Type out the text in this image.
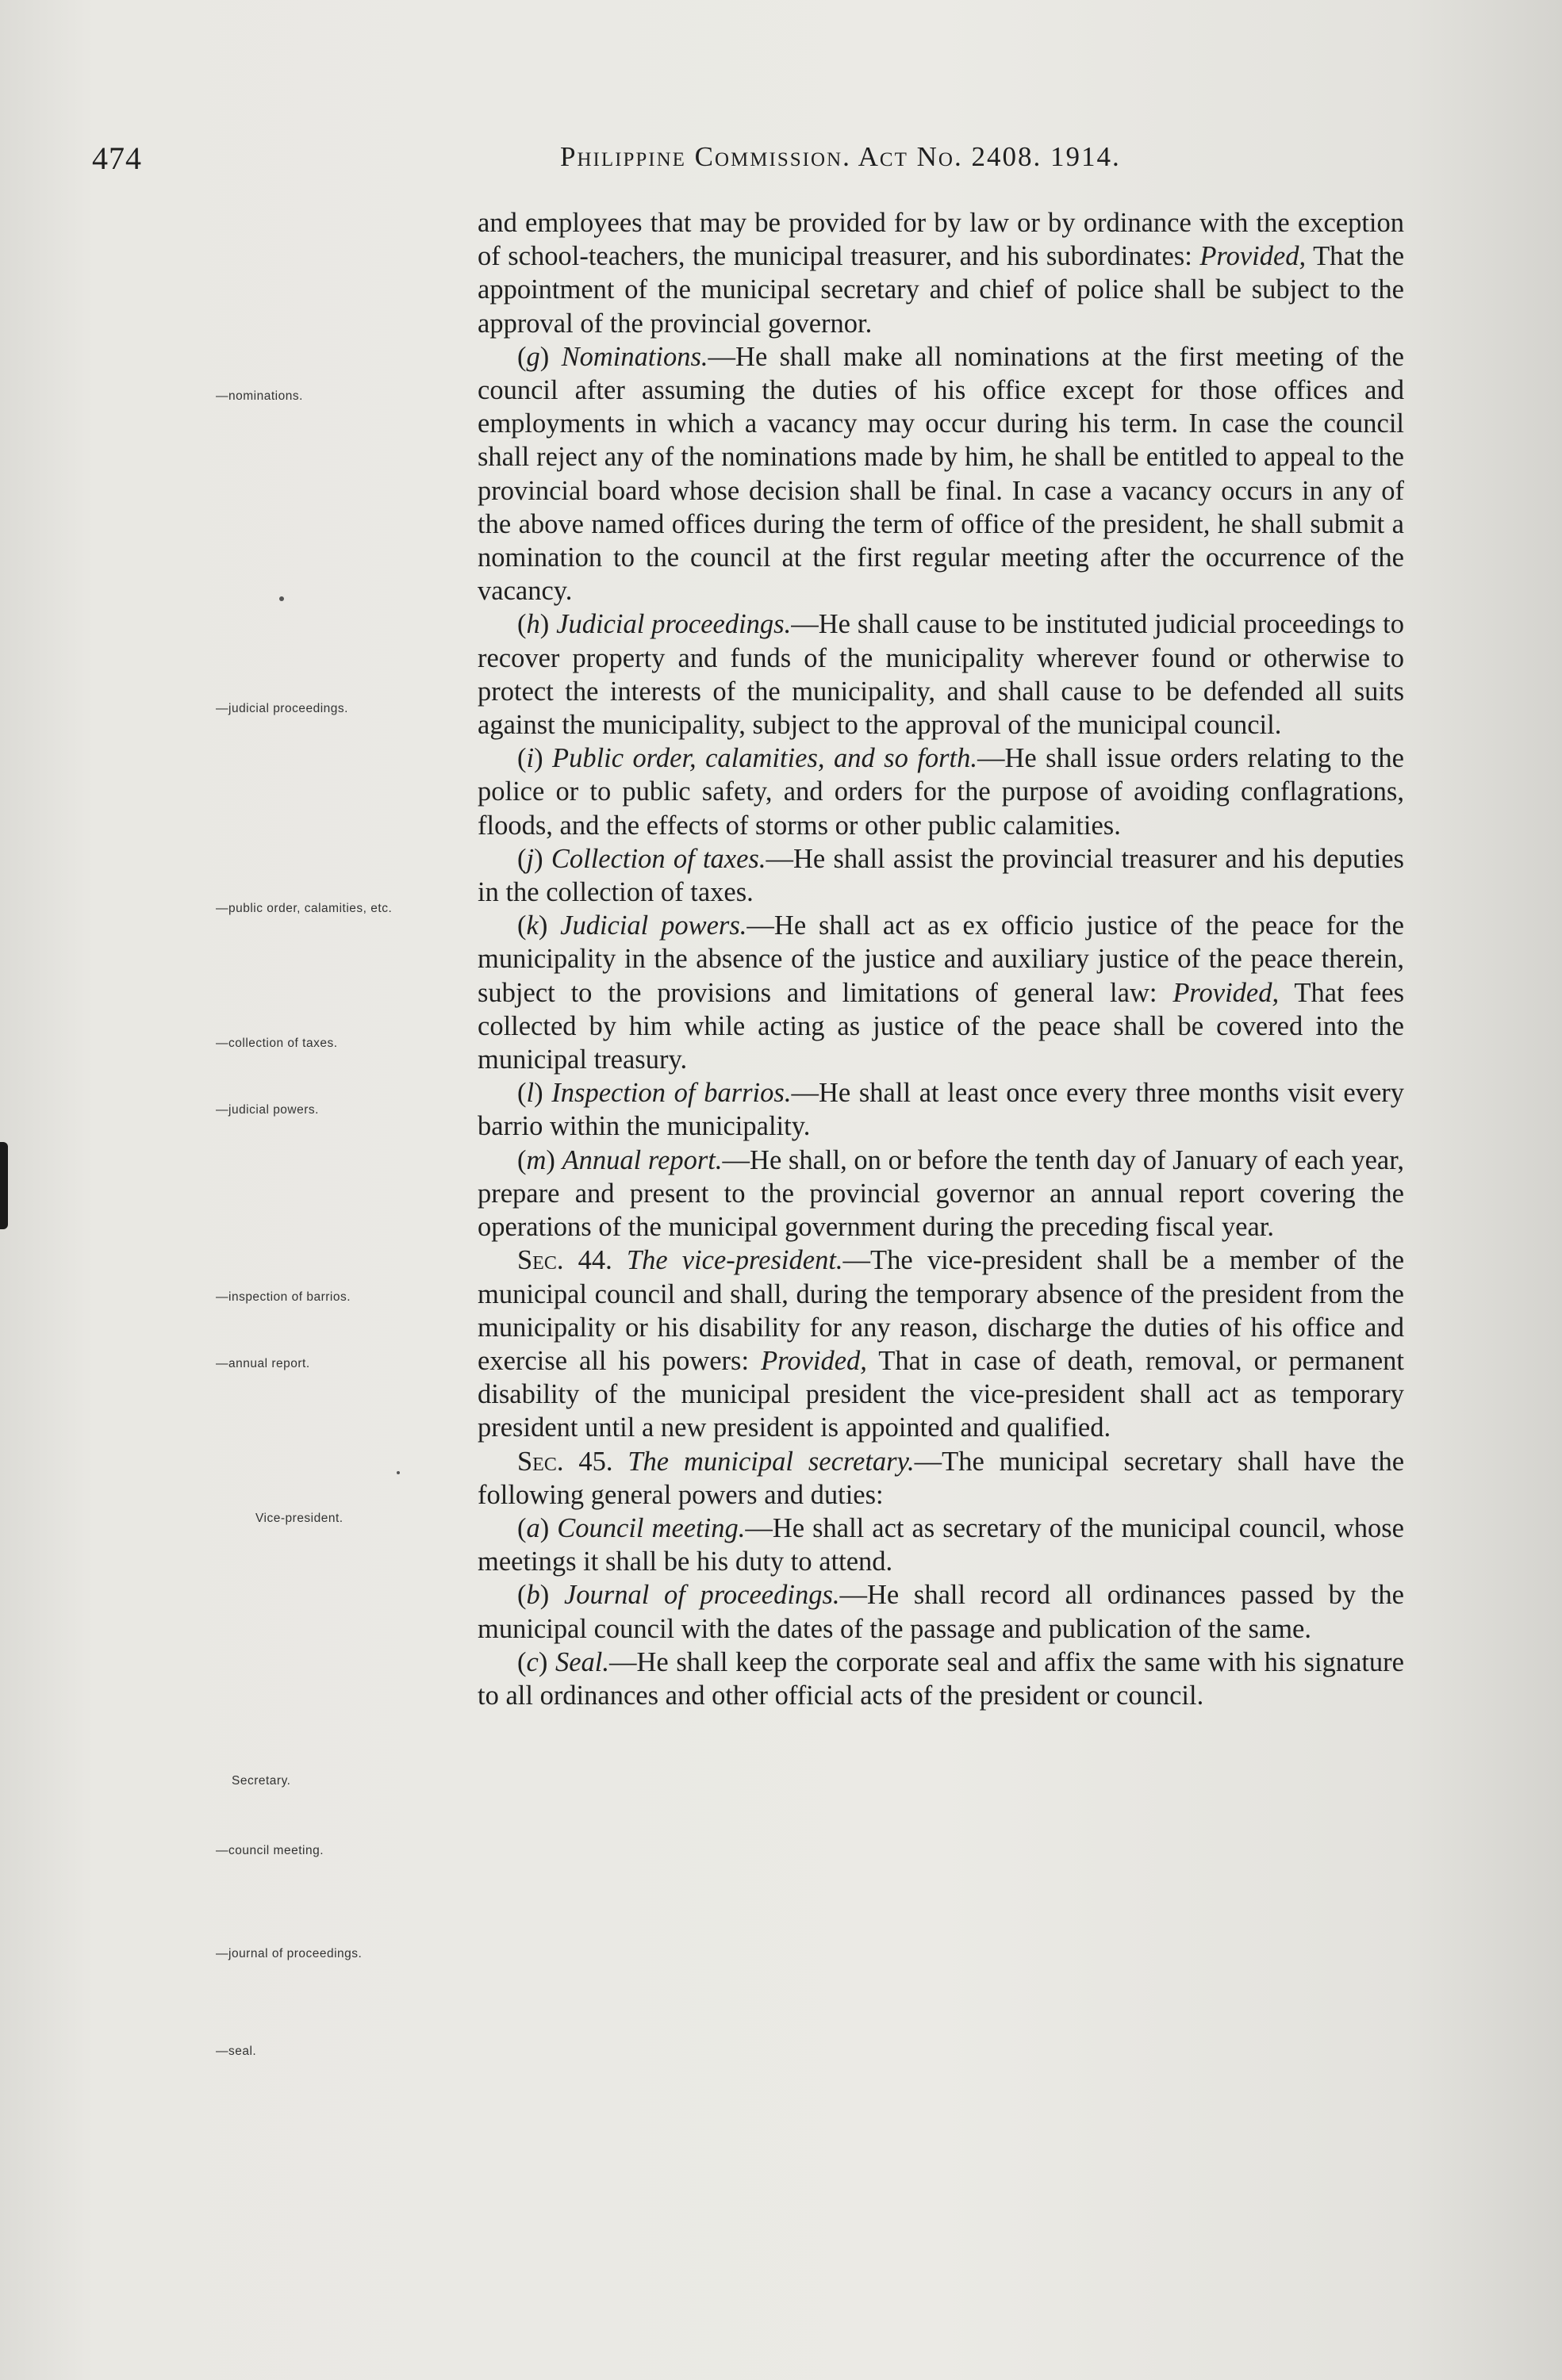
474	Philippine Commission. Act No. 2408. 1914.
—nominations.
—judicial proceedings.
—public order, calamities, etc.
—collection of taxes.
—judicial powers.
—inspection of barrios.
—annual report.
Vice-president.
Secretary.
—council meeting.
—journal of proceedings.
—seal.

and employees that may be provided for by law or by ordinance with the exception of school-teachers, the municipal treasurer, and his subordinates: Provided, That the appointment of the municipal secretary and chief of police shall be subject to the approval of the provincial governor.

(g) Nominations.—He shall make all nominations at the first meeting of the council after assuming the duties of his office except for those offices and employments in which a vacancy may occur during his term. In case the council shall reject any of the nominations made by him, he shall be entitled to appeal to the provincial board whose decision shall be final. In case a vacancy occurs in any of the above named offices during the term of office of the president, he shall submit a nomination to the council at the first regular meeting after the occurrence of the vacancy.

(h) Judicial proceedings.—He shall cause to be instituted judicial proceedings to recover property and funds of the municipality wherever found or otherwise to protect the interests of the municipality, and shall cause to be defended all suits against the municipality, subject to the approval of the municipal council.

(i) Public order, calamities, and so forth.—He shall issue orders relating to the police or to public safety, and orders for the purpose of avoiding conflagrations, floods, and the effects of storms or other public calamities.

(j) Collection of taxes.—He shall assist the provincial treasurer and his deputies in the collection of taxes.

(k) Judicial powers.—He shall act as ex officio justice of the peace for the municipality in the absence of the justice and auxiliary justice of the peace therein, subject to the provisions and limitations of general law: Provided, That fees collected by him while acting as justice of the peace shall be covered into the municipal treasury.

(l) Inspection of barrios.—He shall at least once every three months visit every barrio within the municipality.

(m) Annual report.—He shall, on or before the tenth day of January of each year, prepare and present to the provincial governor an annual report covering the operations of the municipal government during the preceding fiscal year.

Sec. 44. The vice-president.—The vice-president shall be a member of the municipal council and shall, during the temporary absence of the president from the municipality or his disability for any reason, discharge the duties of his office and exercise all his powers: Provided, That in case of death, removal, or permanent disability of the municipal president the vice-president shall act as temporary president until a new president is appointed and qualified.

Sec. 45. The municipal secretary.—The municipal secretary shall have the following general powers and duties:

(a) Council meeting.—He shall act as secretary of the municipal council, whose meetings it shall be his duty to attend.

(b) Journal of proceedings.—He shall record all ordinances passed by the municipal council with the dates of the passage and publication of the same.

(c) Seal.—He shall keep the corporate seal and affix the same with his signature to all ordinances and other official acts of the president or council.
